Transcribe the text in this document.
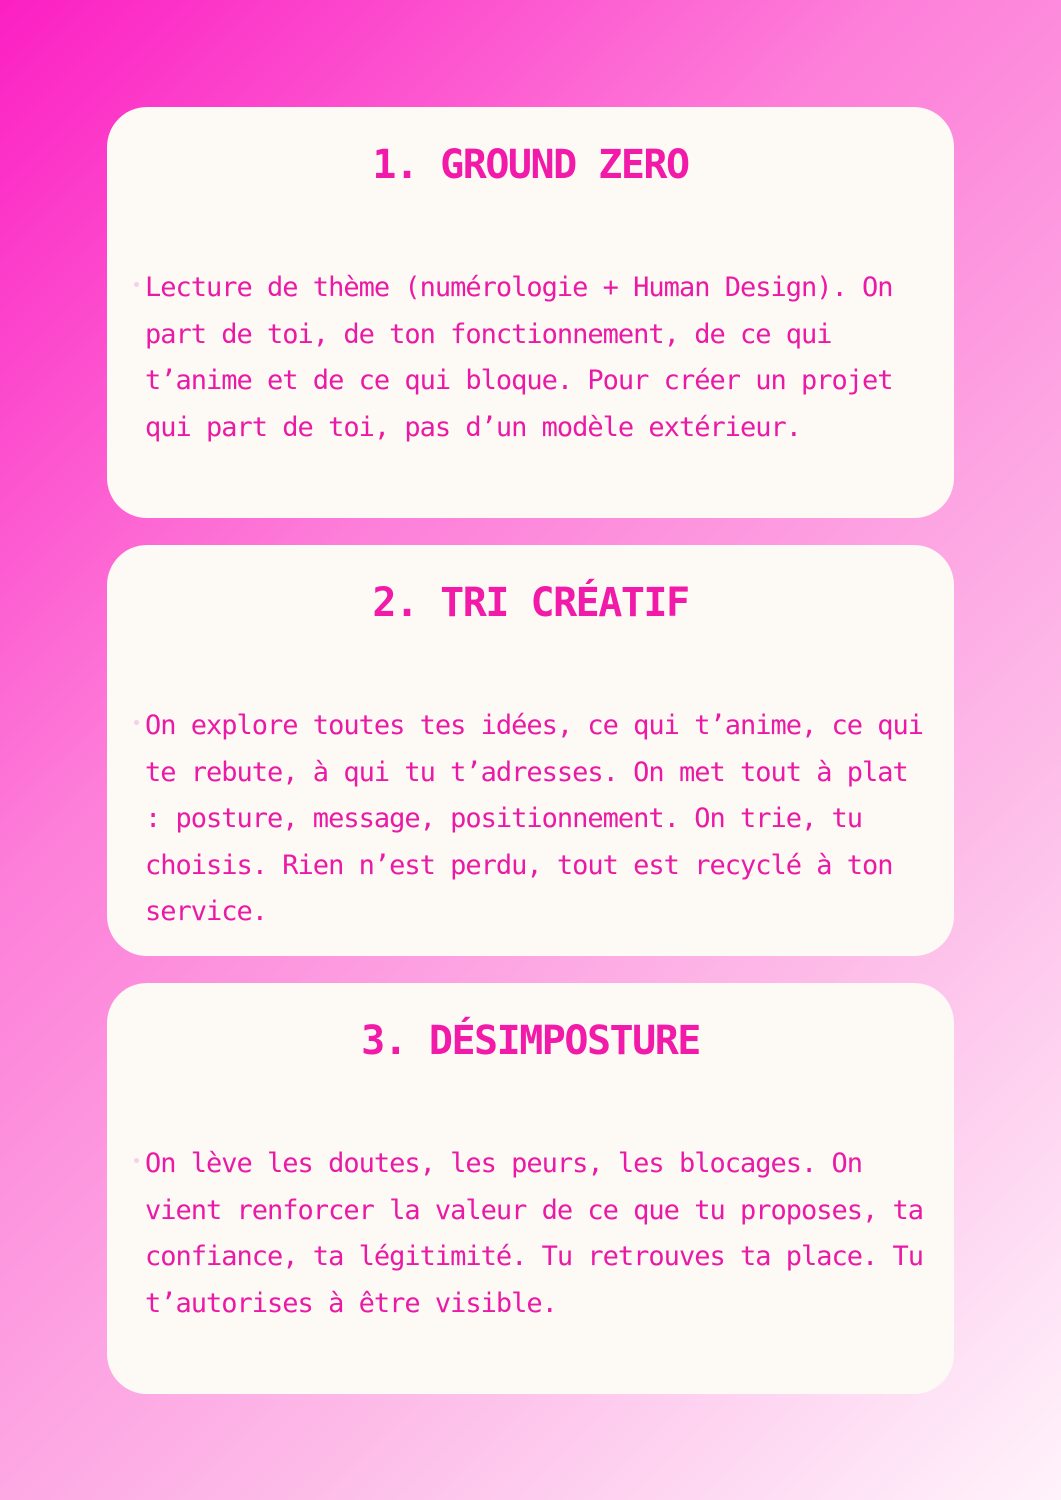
1. GROUND ZERO

Lecture de thème (numérologie + Human Design). On part de toi, de ton fonctionnement, de ce qui t’anime et de ce qui bloque. Pour créer un projet qui part de toi, pas d’un modèle extérieur.

2. TRI CRÉATIF

On explore toutes tes idées, ce qui t’anime, ce qui te rebute, à qui tu t’adresses. On met tout à plat : posture, message, positionnement. On trie, tu choisis. Rien n’est perdu, tout est recyclé à ton service.

3. DÉSIMPOSTURE

On lève les doutes, les peurs, les blocages. On vient renforcer la valeur de ce que tu proposes, ta confiance, ta légitimité. Tu retrouves ta place. Tu t’autorises à être visible.
